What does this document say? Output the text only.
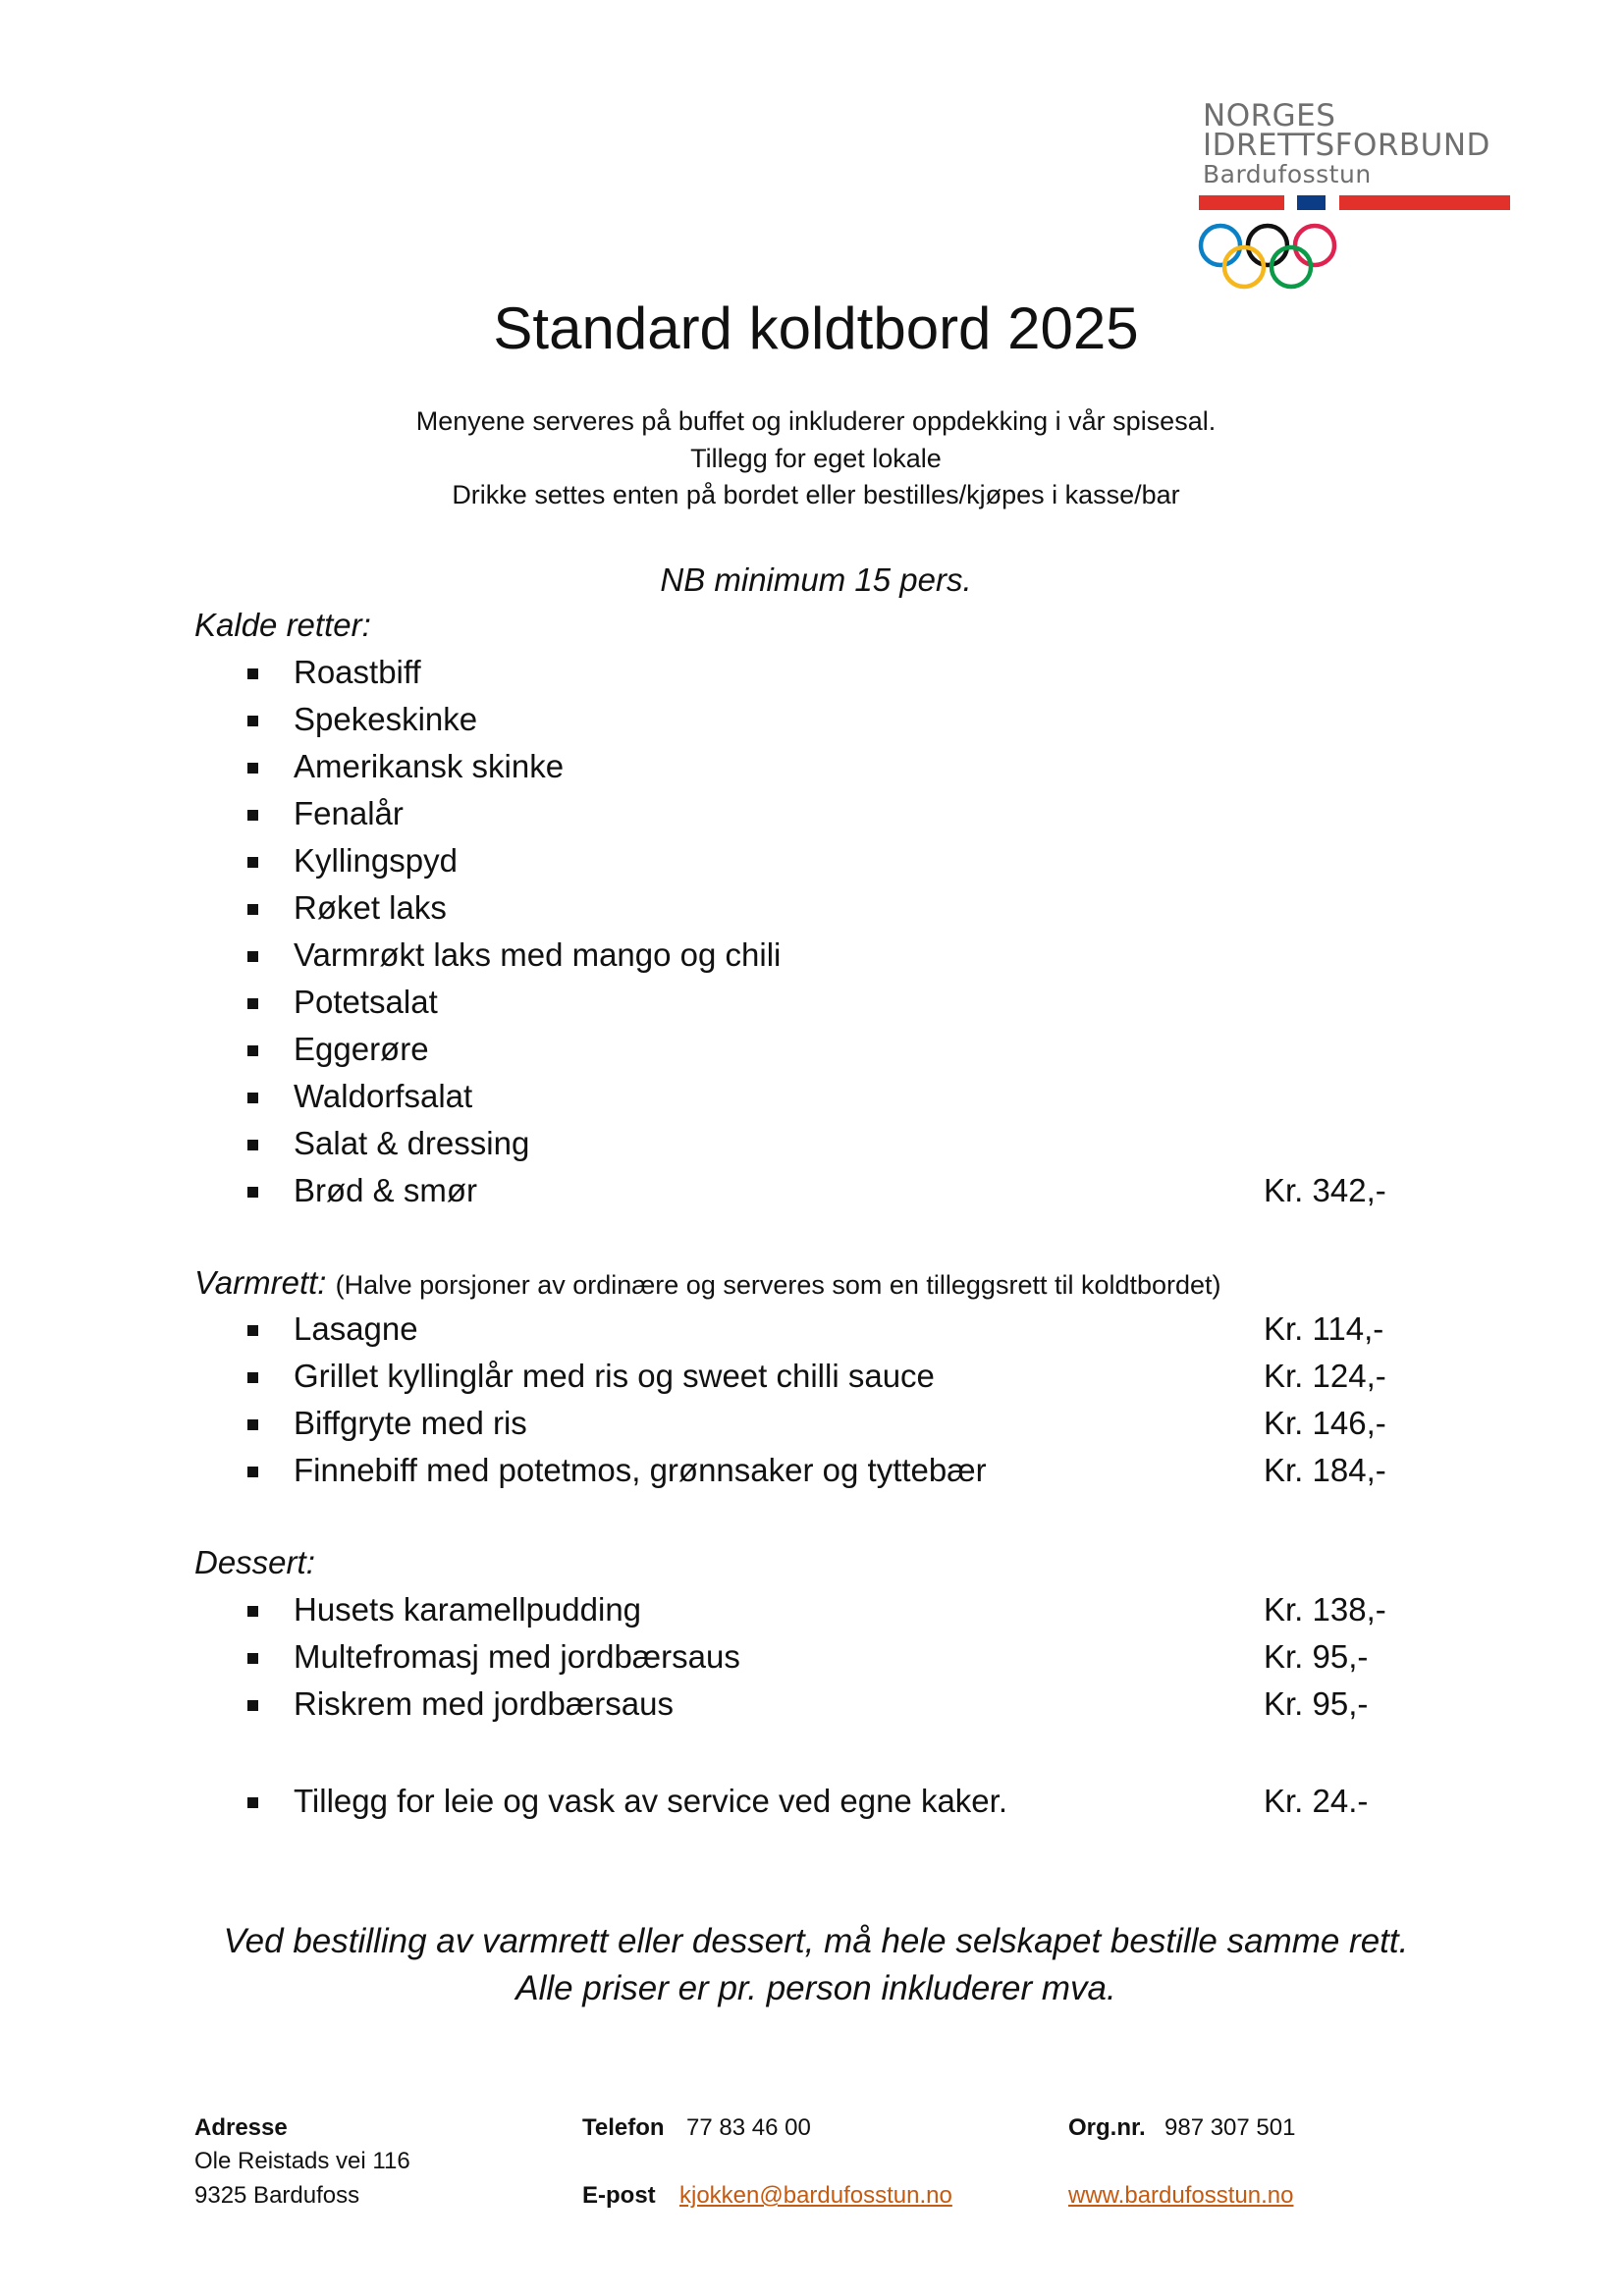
NORGES
IDRETTSFORBUND
Bardufosstun
Standard koldtbord 2025
Menyene serveres på buffet og inkluderer oppdekking i vår spisesal.
Tillegg for eget lokale
Drikke settes enten på bordet eller bestilles/kjøpes i kasse/bar
NB minimum 15 pers.
Kalde retter:
Roastbiff
Spekeskinke
Amerikansk skinke
Fenalår
Kyllingspyd
Røket laks
Varmrøkt laks med mango og chili
Potetsalat
Eggerøre
Waldorfsalat
Salat & dressing
Brød & smør	Kr. 342,-
Varmrett: (Halve porsjoner av ordinære og serveres som en tilleggsrett til koldtbordet)
Lasagne	Kr. 114,-
Grillet kyllinglår med ris og sweet chilli sauce	Kr. 124,-
Biffgryte med ris	Kr. 146,-
Finnebiff med potetmos, grønnsaker og tyttebær	Kr. 184,-
Dessert:
Husets karamellpudding	Kr. 138,-
Multefromasj med jordbærsaus	Kr. 95,-
Riskrem med jordbærsaus	Kr. 95,-
Tillegg for leie og vask av service ved egne kaker.	Kr. 24.-
Ved bestilling av varmrett eller dessert, må hele selskapet bestille samme rett.
Alle priser er pr. person inkluderer mva.
Adresse
Ole Reistads vei 116
9325 Bardufoss
Telefon 77 83 46 00
E-post kjokken@bardufosstun.no
Org.nr. 987 307 501
www.bardufosstun.no
